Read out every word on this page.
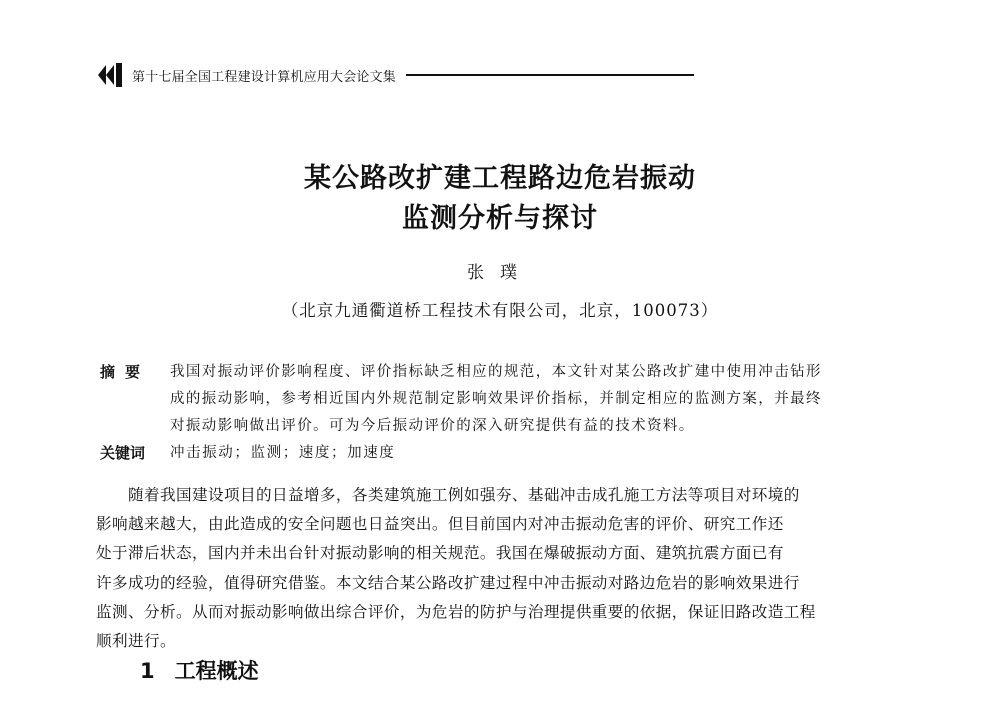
第十七届全国工程建设计算机应用大会论文集
某公路改扩建工程路边危岩振动
监测分析与探讨
张璞
（北京九通衢道桥工程技术有限公司，北京，100073）
摘要	我国对振动评价影响程度、评价指标缺乏相应的规范，本文针对某公路改扩建中使用冲击钻形
成的振动影响，参考相近国内外规范制定影响效果评价指标，并制定相应的监测方案，并最终
对振动影响做出评价。可为今后振动评价的深入研究提供有益的技术资料。
关键词	冲击振动；监测；速度；加速度
随着我国建设项目的日益增多，各类建筑施工例如强夯、基础冲击成孔施工方法等项目对环境的
影响越来越大，由此造成的安全问题也日益突出。但目前国内对冲击振动危害的评价、研究工作还
处于滞后状态，国内并未出台针对振动影响的相关规范。我国在爆破振动方面、建筑抗震方面已有
许多成功的经验，值得研究借鉴。本文结合某公路改扩建过程中冲击振动对路边危岩的影响效果进行
监测、分析。从而对振动影响做出综合评价，为危岩的防护与治理提供重要的依据，保证旧路改造工程
顺利进行。
1 工程概述
